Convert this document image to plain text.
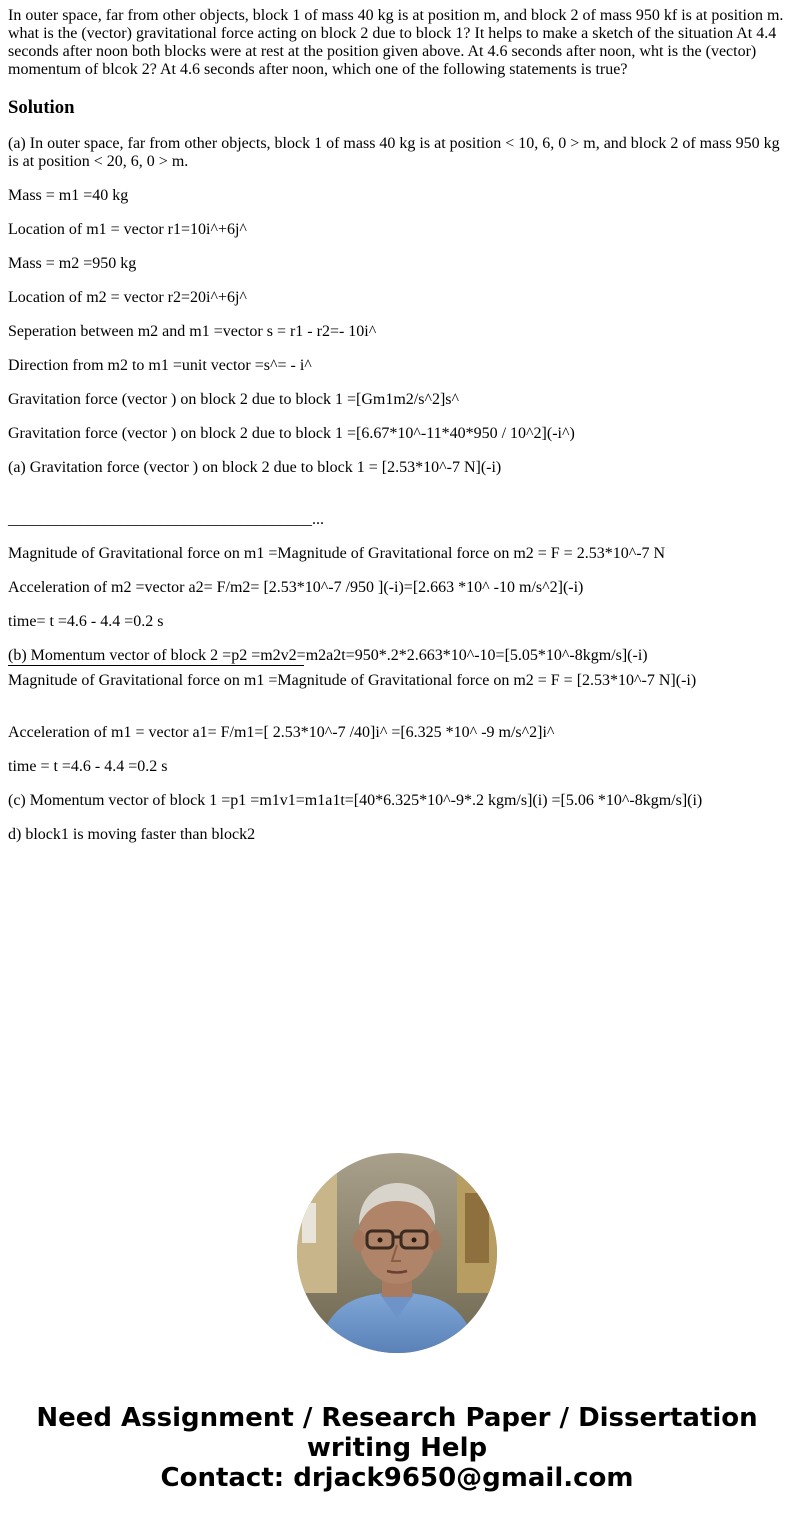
In outer space, far from other objects, block 1 of mass 40 kg is at position m, and block 2 of mass 950 kf is at position m. what is the (vector) gravitational force acting on block 2 due to block 1? It helps to make a sketch of the situation At 4.4 seconds after noon both blocks were at rest at the position given above. At 4.6 seconds after noon, wht is the (vector) momentum of blcok 2? At 4.6 seconds after noon, which one of the following statements is true?

Solution

(a) In outer space, far from other objects, block 1 of mass 40 kg is at position < 10, 6, 0 > m, and block 2 of mass 950 kg is at position < 20, 6, 0 > m.

Mass = m1 =40 kg

Location of m1 = vector r1=10i^+6j^

Mass = m2 =950 kg

Location of m2 = vector r2=20i^+6j^

Seperation between m2 and m1 =vector s = r1 - r2=- 10i^

Direction from m2 to m1 =unit vector =s^= - i^

Gravitation force (vector ) on block 2 due to block 1 =[Gm1m2/s^2]s^

Gravitation force (vector ) on block 2 due to block 1 =[6.67*10^-11*40*950 / 10^2](-i^)

(a) Gravitation force (vector ) on block 2 due to block 1 = [2.53*10^-7 N](-i)

______________________________________...

Magnitude of Gravitational force on m1 =Magnitude of Gravitational force on m2 = F = 2.53*10^-7 N

Acceleration of m2 =vector a2= F/m2= [2.53*10^-7 /950 ](-i)=[2.663 *10^ -10 m/s^2](-i)

time= t =4.6 - 4.4 =0.2 s

(b) Momentum vector of block 2 =p2 =m2v2=m2a2t=950*.2*2.663*10^-10=[5.05*10^-8kgm/s](-i)

Magnitude of Gravitational force on m1 =Magnitude of Gravitational force on m2 = F = [2.53*10^-7 N](-i)

Acceleration of m1 = vector a1= F/m1=[ 2.53*10^-7 /40]i^ =[6.325 *10^ -9 m/s^2]i^

time = t =4.6 - 4.4 =0.2 s

(c) Momentum vector of block 1 =p1 =m1v1=m1a1t=[40*6.325*10^-9*.2 kgm/s](i) =[5.06 *10^-8kgm/s](i)

d) block1 is moving faster than block2

Need Assignment / Research Paper / Dissertation
writing Help
Contact: drjack9650@gmail.com
